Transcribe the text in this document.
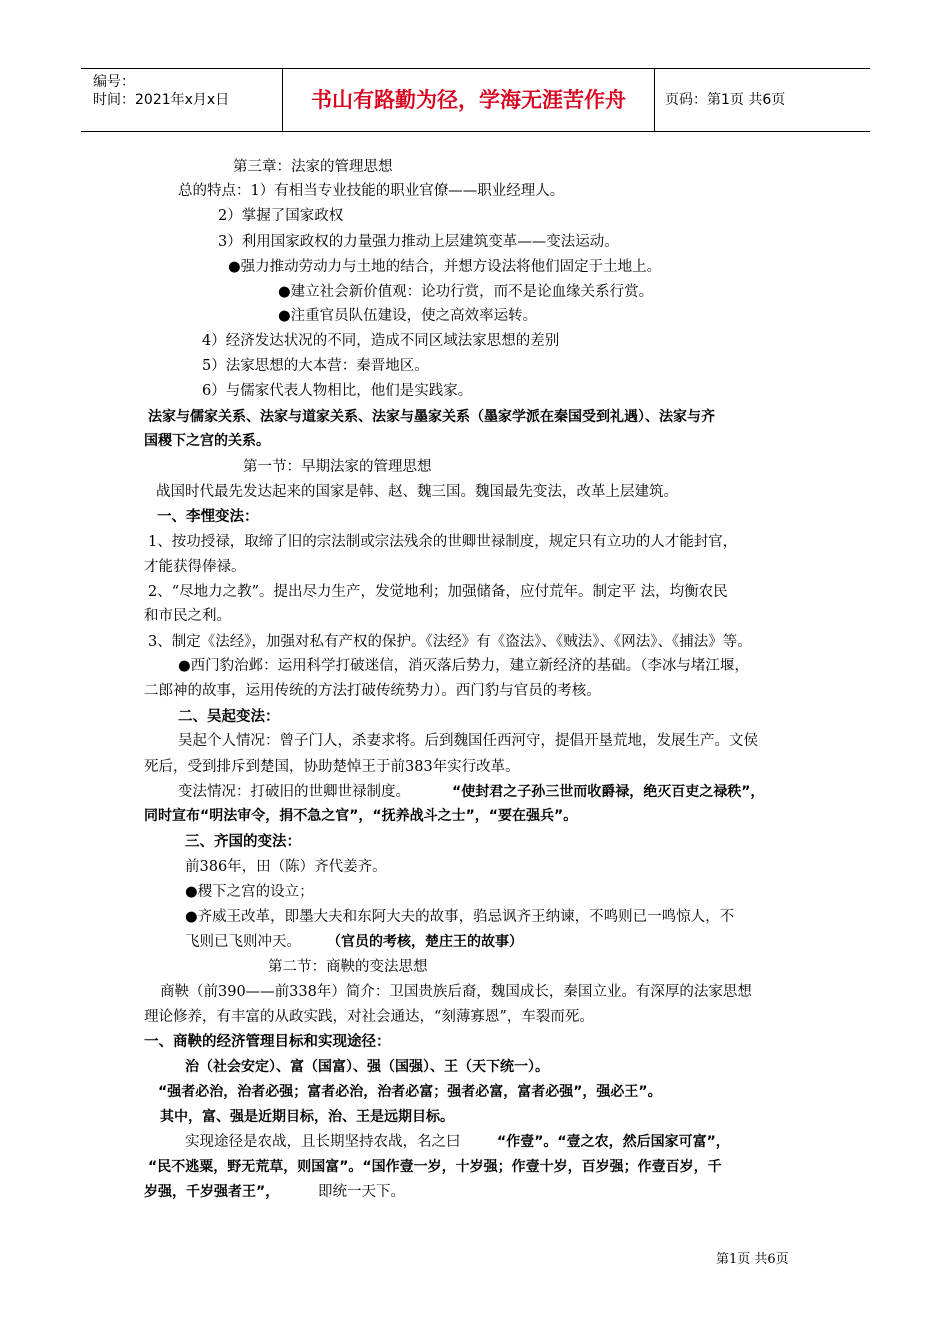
编号：
时间：2021年x月x日	书山有路勤为径，学海无涯苦作舟	页码：第1页 共6页
第三章：法家的管理思想
总的特点：1）有相当专业技能的职业官僚——职业经理人。
2）掌握了国家政权
3）利用国家政权的力量强力推动上层建筑变革——变法运动。
●强力推动劳动力与土地的结合，并想方设法将他们固定于土地上。
●建立社会新价值观：论功行赏，而不是论血缘关系行赏。
●注重官员队伍建设，使之高效率运转。
4）经济发达状况的不同，造成不同区域法家思想的差别
5）法家思想的大本营：秦晋地区。
6）与儒家代表人物相比，他们是实践家。
法家与儒家关系、法家与道家关系、法家与墨家关系（墨家学派在秦国受到礼遇）、法家与齐
国稷下之宫的关系。
第一节：早期法家的管理思想
战国时代最先发达起来的国家是韩、赵、魏三国。魏国最先变法，改革上层建筑。
一、李悝变法：
1、按功授禄，取缔了旧的宗法制或宗法残余的世卿世禄制度，规定只有立功的人才能封官，
才能获得俸禄。
2、“尽地力之教”。提出尽力生产，发觉地利；加强储备，应付荒年。制定平 法，均衡农民
和市民之利。
3、制定《法经》，加强对私有产权的保护。《法经》有《盗法》、《贼法》、《网法》、《捕法》等。
●西门豹治邺：运用科学打破迷信，消灭落后势力，建立新经济的基础。（李冰与堵江堰，
二郎神的故事，运用传统的方法打破传统势力）。西门豹与官员的考核。
二、吴起变法：
吴起个人情况：曾子门人，杀妻求将。后到魏国任西河守，提倡开垦荒地，发展生产。文侯
死后，受到排斥到楚国，协助楚悼王于前383年实行改革。
变法情况：打破旧的世卿世禄制度。	“使封君之子孙三世而收爵禄，绝灭百吏之禄秩”，
同时宣布“明法审令，捐不急之官”，“抚养战斗之士”，“要在强兵”。
三、齐国的变法：
前386年，田（陈）齐代姜齐。
●稷下之宫的设立；
●齐威王改革，即墨大夫和东阿大夫的故事，驺忌讽齐王纳谏，不鸣则已一鸣惊人，不
飞则已飞则冲天。 （官员的考核，楚庄王的故事）
第二节：商鞅的变法思想
商鞅（前390——前338年）简介：卫国贵族后裔，魏国成长，秦国立业。有深厚的法家思想
理论修养，有丰富的从政实践，对社会通达，“刻薄寡恩”，车裂而死。
一、商鞅的经济管理目标和实现途径：
治（社会安定）、富（国富）、强（国强）、王（天下统一）。
“强者必治，治者必强；富者必治，治者必富；强者必富，富者必强”，强必王”。
其中，富、强是近期目标，治、王是远期目标。
实现途径是农战，且长期坚持农战，名之曰	“作壹”。“壹之农，然后国家可富”，
“民不逃粟，野无荒草，则国富”。“国作壹一岁，十岁强；作壹十岁，百岁强；作壹百岁，千
岁强，千岁强者王”，	即统一天下。
第1页 共6页
